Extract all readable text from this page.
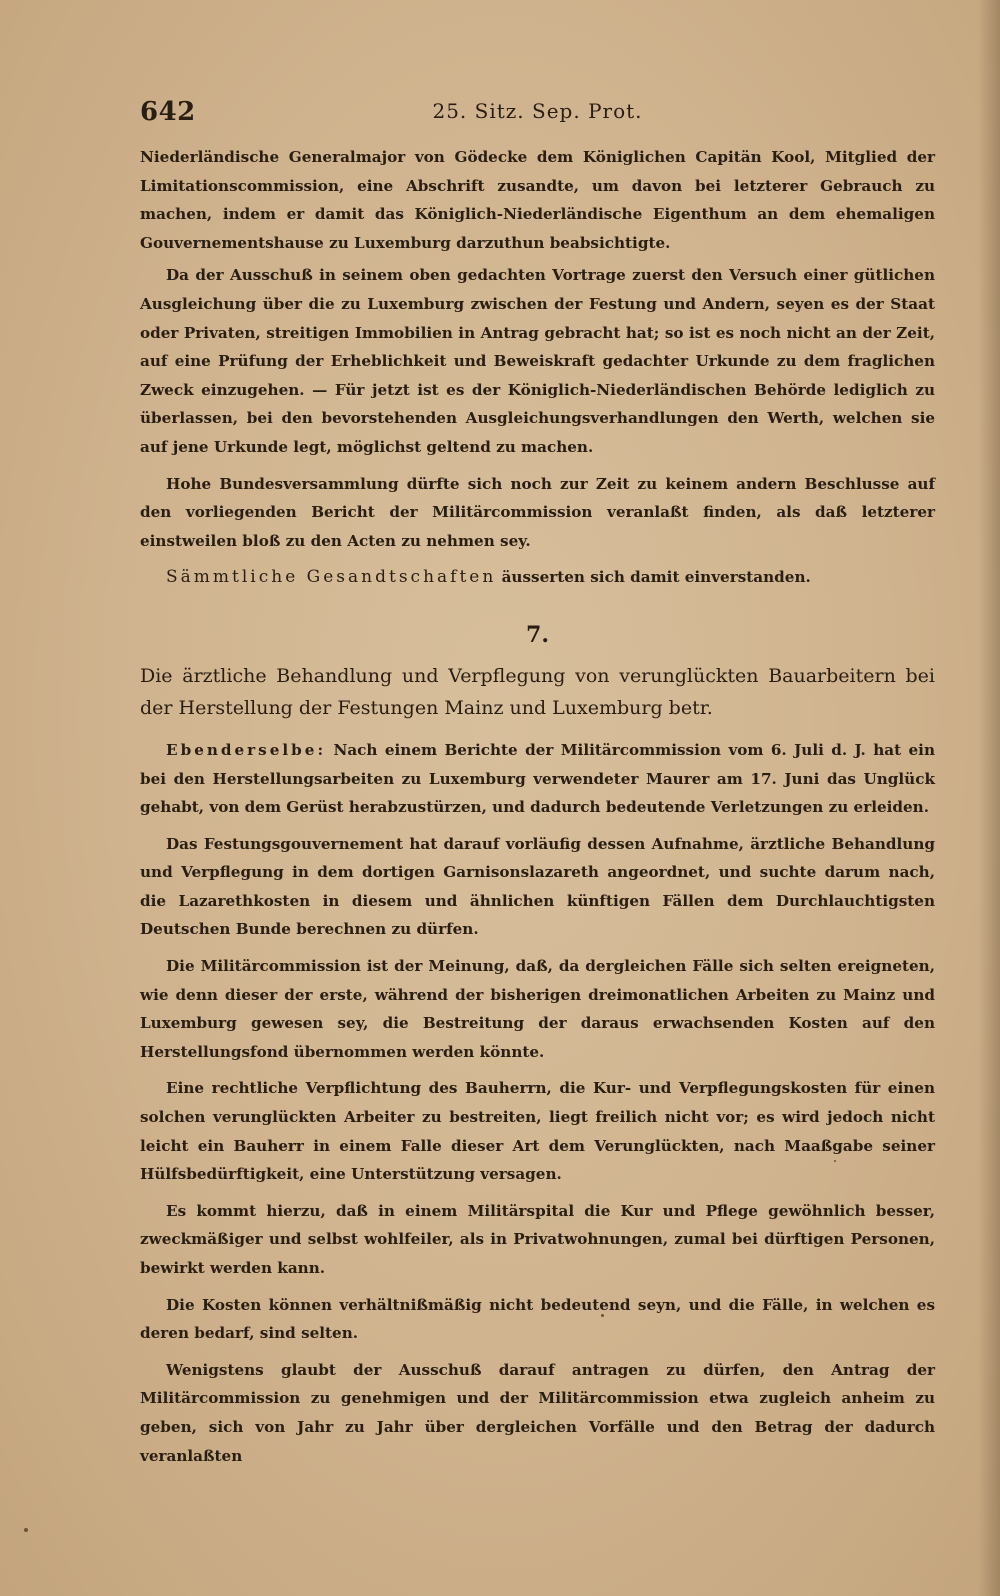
642	25. Sitz. Sep. Prot.

Niederländische Generalmajor von Gödecke dem Königlichen Capitän Kool, Mitglied der Limitationscommission, eine Abschrift zusandte, um davon bei letzterer Gebrauch zu machen, indem er damit das Königlich-Niederländische Eigenthum an dem ehemaligen Gouvernementshause zu Luxemburg darzuthun beabsichtigte.

Da der Ausschuß in seinem oben gedachten Vortrage zuerst den Versuch einer gütlichen Ausgleichung über die zu Luxemburg zwischen der Festung und Andern, seyen es der Staat oder Privaten, streitigen Immobilien in Antrag gebracht hat; so ist es noch nicht an der Zeit, auf eine Prüfung der Erheblichkeit und Beweiskraft gedachter Urkunde zu dem fraglichen Zweck einzugehen. — Für jetzt ist es der Königlich-Niederländischen Behörde lediglich zu überlassen, bei den bevorstehenden Ausgleichungsverhandlungen den Werth, welchen sie auf jene Urkunde legt, möglichst geltend zu machen.

Hohe Bundesversammlung dürfte sich noch zur Zeit zu keinem andern Beschlusse auf den vorliegenden Bericht der Militärcommission veranlaßt finden, als daß letzterer einstweilen bloß zu den Acten zu nehmen sey.

Sämmtliche Gesandtschaften äusserten sich damit einverstanden.

7.

Die ärztliche Behandlung und Verpflegung von verunglückten Bauarbeitern bei der Herstellung der Festungen Mainz und Luxemburg betr.

Ebenderselbe: Nach einem Berichte der Militärcommission vom 6. Juli d. J. hat ein bei den Herstellungsarbeiten zu Luxemburg verwendeter Maurer am 17. Juni das Unglück gehabt, von dem Gerüst herabzustürzen, und dadurch bedeutende Verletzungen zu erleiden.

Das Festungsgouvernement hat darauf vorläufig dessen Aufnahme, ärztliche Behandlung und Verpflegung in dem dortigen Garnisonslazareth angeordnet, und suchte darum nach, die Lazarethkosten in diesem und ähnlichen künftigen Fällen dem Durchlauchtigsten Deutschen Bunde berechnen zu dürfen.

Die Militärcommission ist der Meinung, daß, da dergleichen Fälle sich selten ereigneten, wie denn dieser der erste, während der bisherigen dreimonatlichen Arbeiten zu Mainz und Luxemburg gewesen sey, die Bestreitung der daraus erwachsenden Kosten auf den Herstellungsfond übernommen werden könnte.

Eine rechtliche Verpflichtung des Bauherrn, die Kur- und Verpflegungskosten für einen solchen verunglückten Arbeiter zu bestreiten, liegt freilich nicht vor; es wird jedoch nicht leicht ein Bauherr in einem Falle dieser Art dem Verunglückten, nach Maaßgabe seiner Hülfsbedürftigkeit, eine Unterstützung versagen.

Es kommt hierzu, daß in einem Militärspital die Kur und Pflege gewöhnlich besser, zweckmäßiger und selbst wohlfeiler, als in Privatwohnungen, zumal bei dürftigen Personen, bewirkt werden kann.

Die Kosten können verhältnißmäßig nicht bedeutend seyn, und die Fälle, in welchen es deren bedarf, sind selten.

Wenigstens glaubt der Ausschuß darauf antragen zu dürfen, den Antrag der Militärcommission zu genehmigen und der Militärcommission etwa zugleich anheim zu geben, sich von Jahr zu Jahr über dergleichen Vorfälle und den Betrag der dadurch veranlaßten
